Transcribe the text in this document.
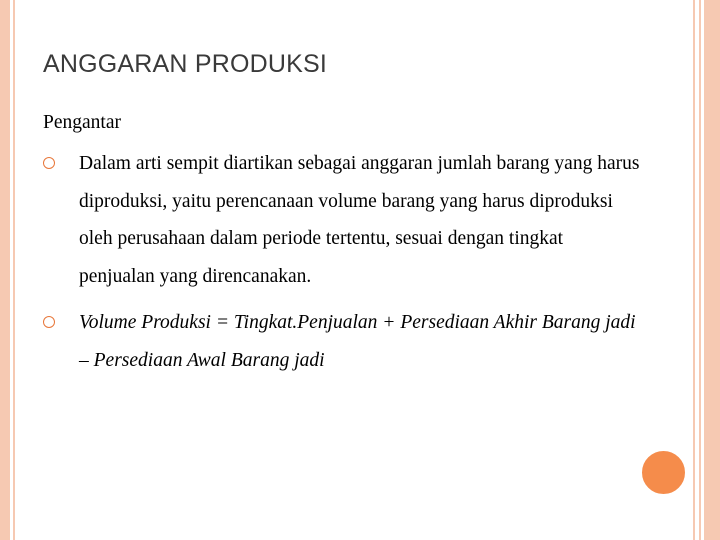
ANGGARAN PRODUKSI
Pengantar
Dalam arti sempit diartikan sebagai anggaran jumlah barang yang harus diproduksi, yaitu perencanaan volume barang yang harus diproduksi oleh perusahaan dalam periode tertentu, sesuai dengan tingkat penjualan yang direncanakan.
Volume Produksi = Tingkat.Penjualan + Persediaan Akhir Barang jadi – Persediaan Awal Barang jadi
